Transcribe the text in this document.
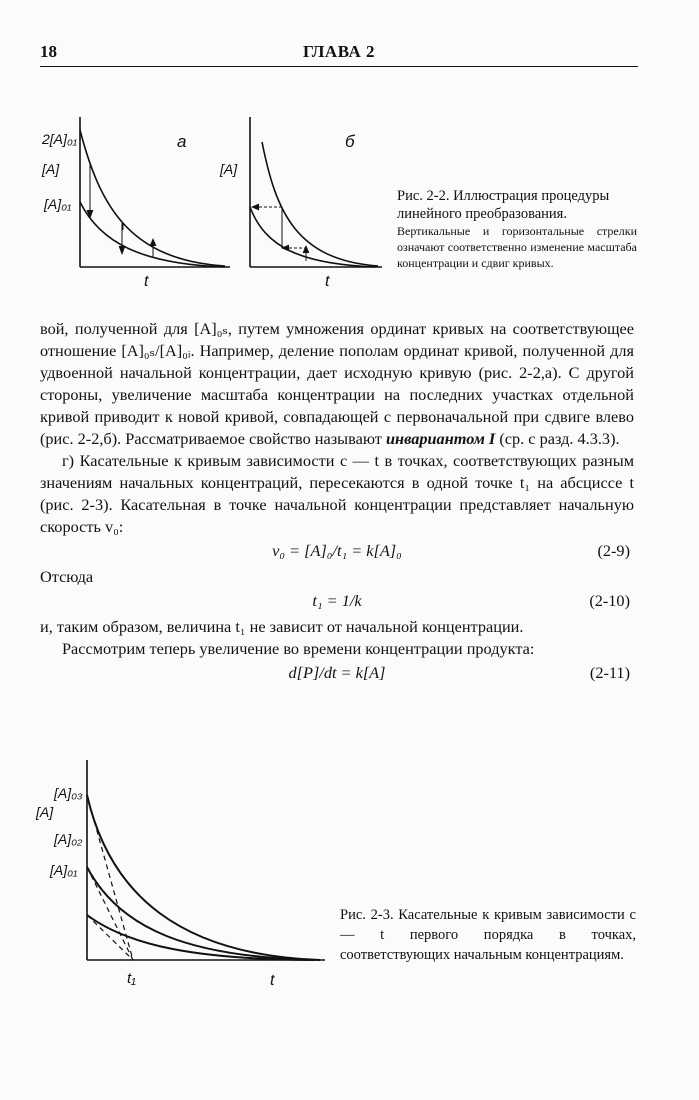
18	ГЛАВА 2
2[A]₀₁
[A]
[A]₀₁
а
t
[A]
б
t
Рис. 2-2. Иллюстрация процедуры линейного преобразования.
Вертикальные и горизонтальные стрелки означают соответственно изменение масштаба концентрации и сдвиг кривых.

вой, полученной для [A]₀ₛ, путем умножения ординат кривых на соответствующее отношение [A]₀ₛ/[A]₀ᵢ. Например, деление пополам ординат кривой, полученной для удвоенной начальной концентрации, дает исходную кривую (рис. 2-2,а). С другой стороны, увеличение масштаба концентрации на последних участках отдельной кривой приводит к новой кривой, совпадающей с первоначальной при сдвиге влево (рис. 2-2,б). Рассматриваемое свойство называют инвариантом I (ср. с разд. 4.3.3).

г) Касательные к кривым зависимости c — t в точках, соответствующих разным значениям начальных концентраций, пересекаются в одной точке t₁ на абсциссе t (рис. 2-3). Касательная в точке начальной концентрации представляет начальную скорость v₀:

v₀ = [A]₀/t₁ = k[A]₀	(2-9)

Отсюда

t₁ = 1/k	(2-10)

и, таким образом, величина t₁ не зависит от начальной концентрации.

Рассмотрим теперь увеличение во времени концентрации продукта:

d[P]/dt = k[A]	(2-11)
[A]₀₃
[A]
[A]₀₂
[A]₀₁
t₁	t
Рис. 2-3. Касательные к кривым зависимости c — t первого порядка в точках, соответствующих начальным концентрациям.
